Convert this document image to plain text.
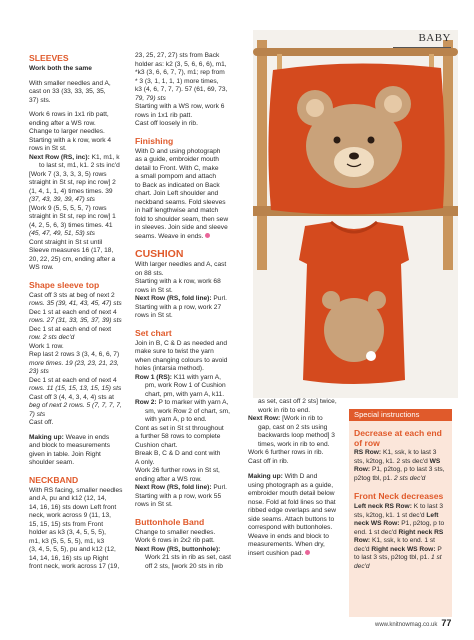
SLEEVES

Work both the same

With smaller needles and A,
cast on 33 (33, 33, 35, 35,
37) sts.

Work 6 rows in 1x1 rib patt,
ending after a WS row.
Change to larger needles.
Starting with a k row, work 4
rows in St st.
Next Row (RS, inc): K1, m1, k
to last st, m1, k1. 2 sts inc'd
[Work 7 (3, 3, 3, 3, 5) rows
straight in St st, rep inc row] 2
(1, 4, 1, 1, 4) times times. 39
(37, 43, 39, 39, 47) sts
[Work 9 (5, 5, 5, 5, 7) rows
straight in St st, rep inc row] 1
(4, 2, 5, 6, 3) times times. 41
(45, 47, 49, 51, 53) sts
Cont straight in St st until
Sleeve measures 16 (17, 18,
20, 22, 25) cm, ending after a
WS row.
Shape sleeve top

Cast off 3 sts at beg of next 2
rows. 35 (39, 41, 43, 45, 47) sts
Dec 1 st at each end of next 4
rows. 27 (31, 33, 35, 37, 39) sts
Dec 1 st at each end of next
row. 2 sts dec'd
Work 1 row.
Rep last 2 rows 3 (3, 4, 6, 6, 7)
more times. 19 (23, 23, 21, 23,
23) sts
Dec 1 st at each end of next 4
rows. 11 (15, 15, 13, 15, 15) sts
Cast off 3 (4, 4, 3, 4, 4) sts at
beg of next 2 rows. 5 (7, 7, 7, 7,
7) sts
Cast off.

Making up: Weave in ends
and block to measurements
given in table. Join Right
shoulder seam.

NECKBAND
With RS facing, smaller needles
and A, pu and k12 (12, 14,
14, 16, 16) sts down Left front
neck, work across 9 (11, 13,
15, 15, 15) sts from Front
holder as k3 (3, 4, 5, 5, 5),
m1, k3 (5, 5, 5, 5), m1, k3
(3, 4, 5, 5, 5), pu and k12 (12,
14, 14, 16, 16) sts up Right
front neck, work across 17 (19,

23, 25, 27, 27) sts from Back
holder as: k2 (3, 5, 6, 6, 6), m1,
*k3 (3, 6, 6, 7, 7), m1; rep from
* 3 (3, 1, 1, 1, 1) more times,
k3 (4, 6, 7, 7, 7). 57 (61, 69, 73,
79, 79) sts
Starting with a WS row, work 6
rows in 1x1 rib patt.
Cast off loosely in rib.

Finishing
With D and using photograph
as a guide, embroider mouth
detail to Front. With C, make
a small pompom and attach
to Back as indicated on Back
chart. Join Left shoulder and
neckband seams. Fold sleeves
in half lengthwise and match
fold to shoulder seam, then sew
in sleeves. Join side and sleeve
seams. Weave in ends.
CUSHION
With larger needles and A, cast
on 88 sts.
Starting with a k row, work 68
rows in St st.
Next Row (RS, fold line): Purl.
Starting with a p row, work 27
rows in St st.
Set chart
Join in B, C & D as needed and
make sure to twist the yarn
when changing colours to avoid
holes (intarsia method).
Row 1 (RS): K11 with yarn A,
pm, work Row 1 of Cushion
chart, pm, with yarn A, k11.
Row 2: P to marker with yarn A,
sm, work Row 2 of chart, sm,
with yarn A, p to end.
Cont as set in St st throughout
a further 58 rows to complete
Cushion chart.
Break B, C & D and cont with
A only.
Work 26 further rows in St st,
ending after a WS row.
Next Row (RS, fold line): Purl.
Starting with a p row, work 55
rows in St st.
Buttonhole Band
Change to smaller needles.
Work 6 rows in 2x2 rib patt.
Next Row (RS, buttonhole):
Work 21 sts in rib as set, cast
off 2 sts, [work 20 sts in rib
BABY
as set, cast off 2 sts] twice,
work in rib to end.
Next Row: [Work in rib to
gap, cast on 2 sts using
backwards loop method] 3
times, work in rib to end.
Work 6 further rows in rib.
Cast off in rib.

Making up: With D and
using photograph as a guide,
embroider mouth detail below
nose. Fold at fold lines so that
ribbed edge overlaps and sew
side seams. Attach buttons to
correspond with buttonholes.
Weave in ends and block to
measurements. When dry,
insert cushion pad.

Special instructions
Decrease at each end of row
RS Row: K1, ssk, k to last 3 sts, k2tog, k1. 2 sts dec'd WS Row: P1, p2tog, p to last 3 sts, p2tog tbl, p1. 2 sts dec'd
Front Neck decreases
Left neck RS Row: K to last 3 sts, k2tog, k1. 1 st dec'd Left neck WS Row: P1, p2tog, p to end. 1 st dec'd Right neck RS Row: K1, ssk, k to end. 1 st dec'd Right neck WS Row: P to last 3 sts, p2tog tbl, p1. 1 st dec'd
www.knitnowmag.co.uk 77
